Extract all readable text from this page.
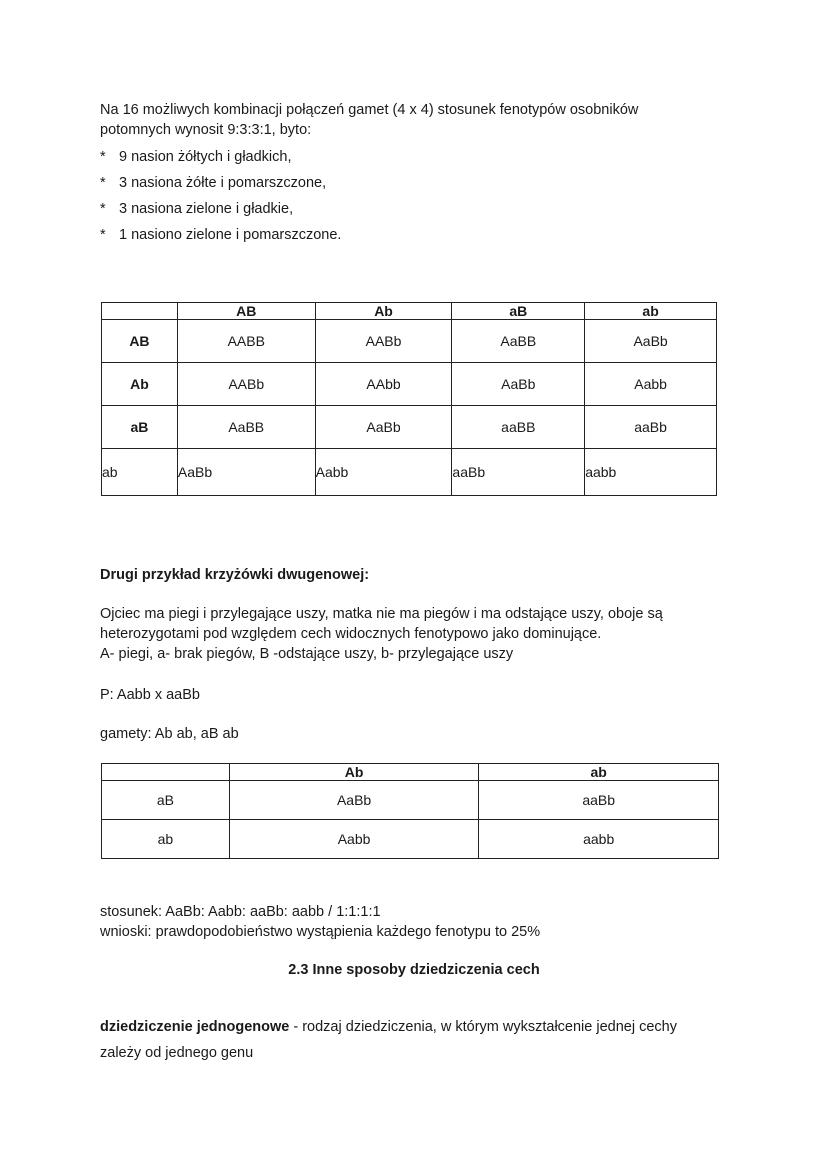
Na 16 możliwych kombinacji połączeń gamet (4 x 4) stosunek fenotypów osobników
potomnych wynosit 9:3:3:1, byto:
* 9 nasion żółtych i gładkich,
* 3 nasiona żółte i pomarszczone,
* 3 nasiona zielone i gładkie,
* 1 nasiono zielone i pomarszczone.
	AB	Ab	aB	ab
AB	AABB	AABb	AaBB	AaBb
Ab	AABb	AAbb	AaBb	Aabb
aB	AaBB	AaBb	aaBB	aaBb
ab	AaBb	Aabb	aaBb	aabb
Drugi przykład krzyżówki dwugenowej:
Ojciec ma piegi i przylegające uszy, matka nie ma piegów i ma odstające uszy, oboje są
heterozygotami pod względem cech widocznych fenotypowo jako dominujące.
A- piegi, a- brak piegów, B -odstające uszy, b- przylegające uszy
P: Aabb x aaBb
gamety: Ab ab, aB ab
	Ab	ab
aB	AaBb	aaBb
ab	Aabb	aabb
stosunek: AaBb: Aabb: aaBb: aabb / 1:1:1:1
wnioski: prawdopodobieństwo wystąpienia każdego fenotypu to 25%
2.3 Inne sposoby dziedziczenia cech
dziedziczenie jednogenowe - rodzaj dziedziczenia, w którym wykształcenie jednej cechy
zależy od jednego genu
